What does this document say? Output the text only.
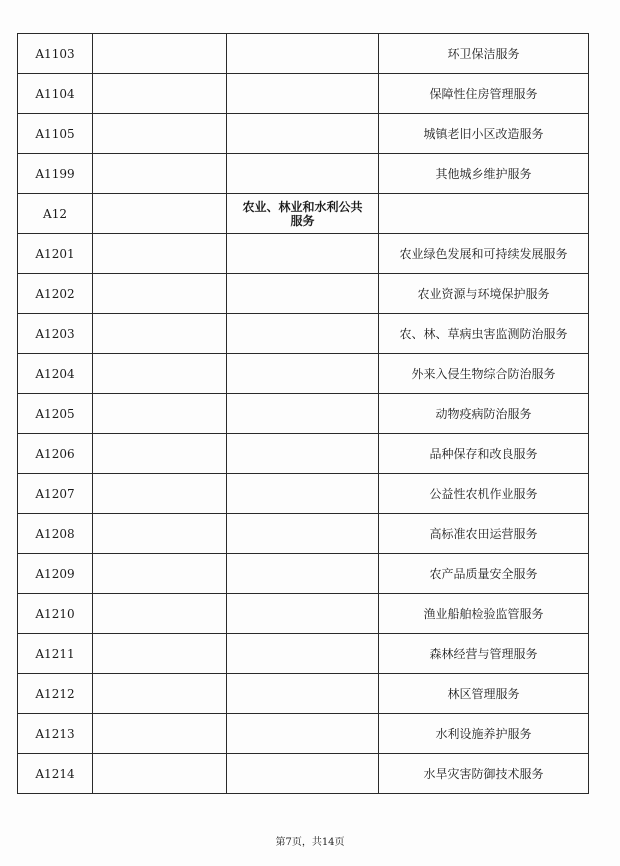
A1103			环卫保洁服务
A1104			保障性住房管理服务
A1105			城镇老旧小区改造服务
A1199			其他城乡维护服务
A12		农业、林业和水利公共服务	
A1201			农业绿色发展和可持续发展服务
A1202			农业资源与环境保护服务
A1203			农、林、草病虫害监测防治服务
A1204			外来入侵生物综合防治服务
A1205			动物疫病防治服务
A1206			品种保存和改良服务
A1207			公益性农机作业服务
A1208			高标准农田运营服务
A1209			农产品质量安全服务
A1210			渔业船舶检验监管服务
A1211			森林经营与管理服务
A1212			林区管理服务
A1213			水利设施养护服务
A1214			水旱灾害防御技术服务
第7页，共14页
